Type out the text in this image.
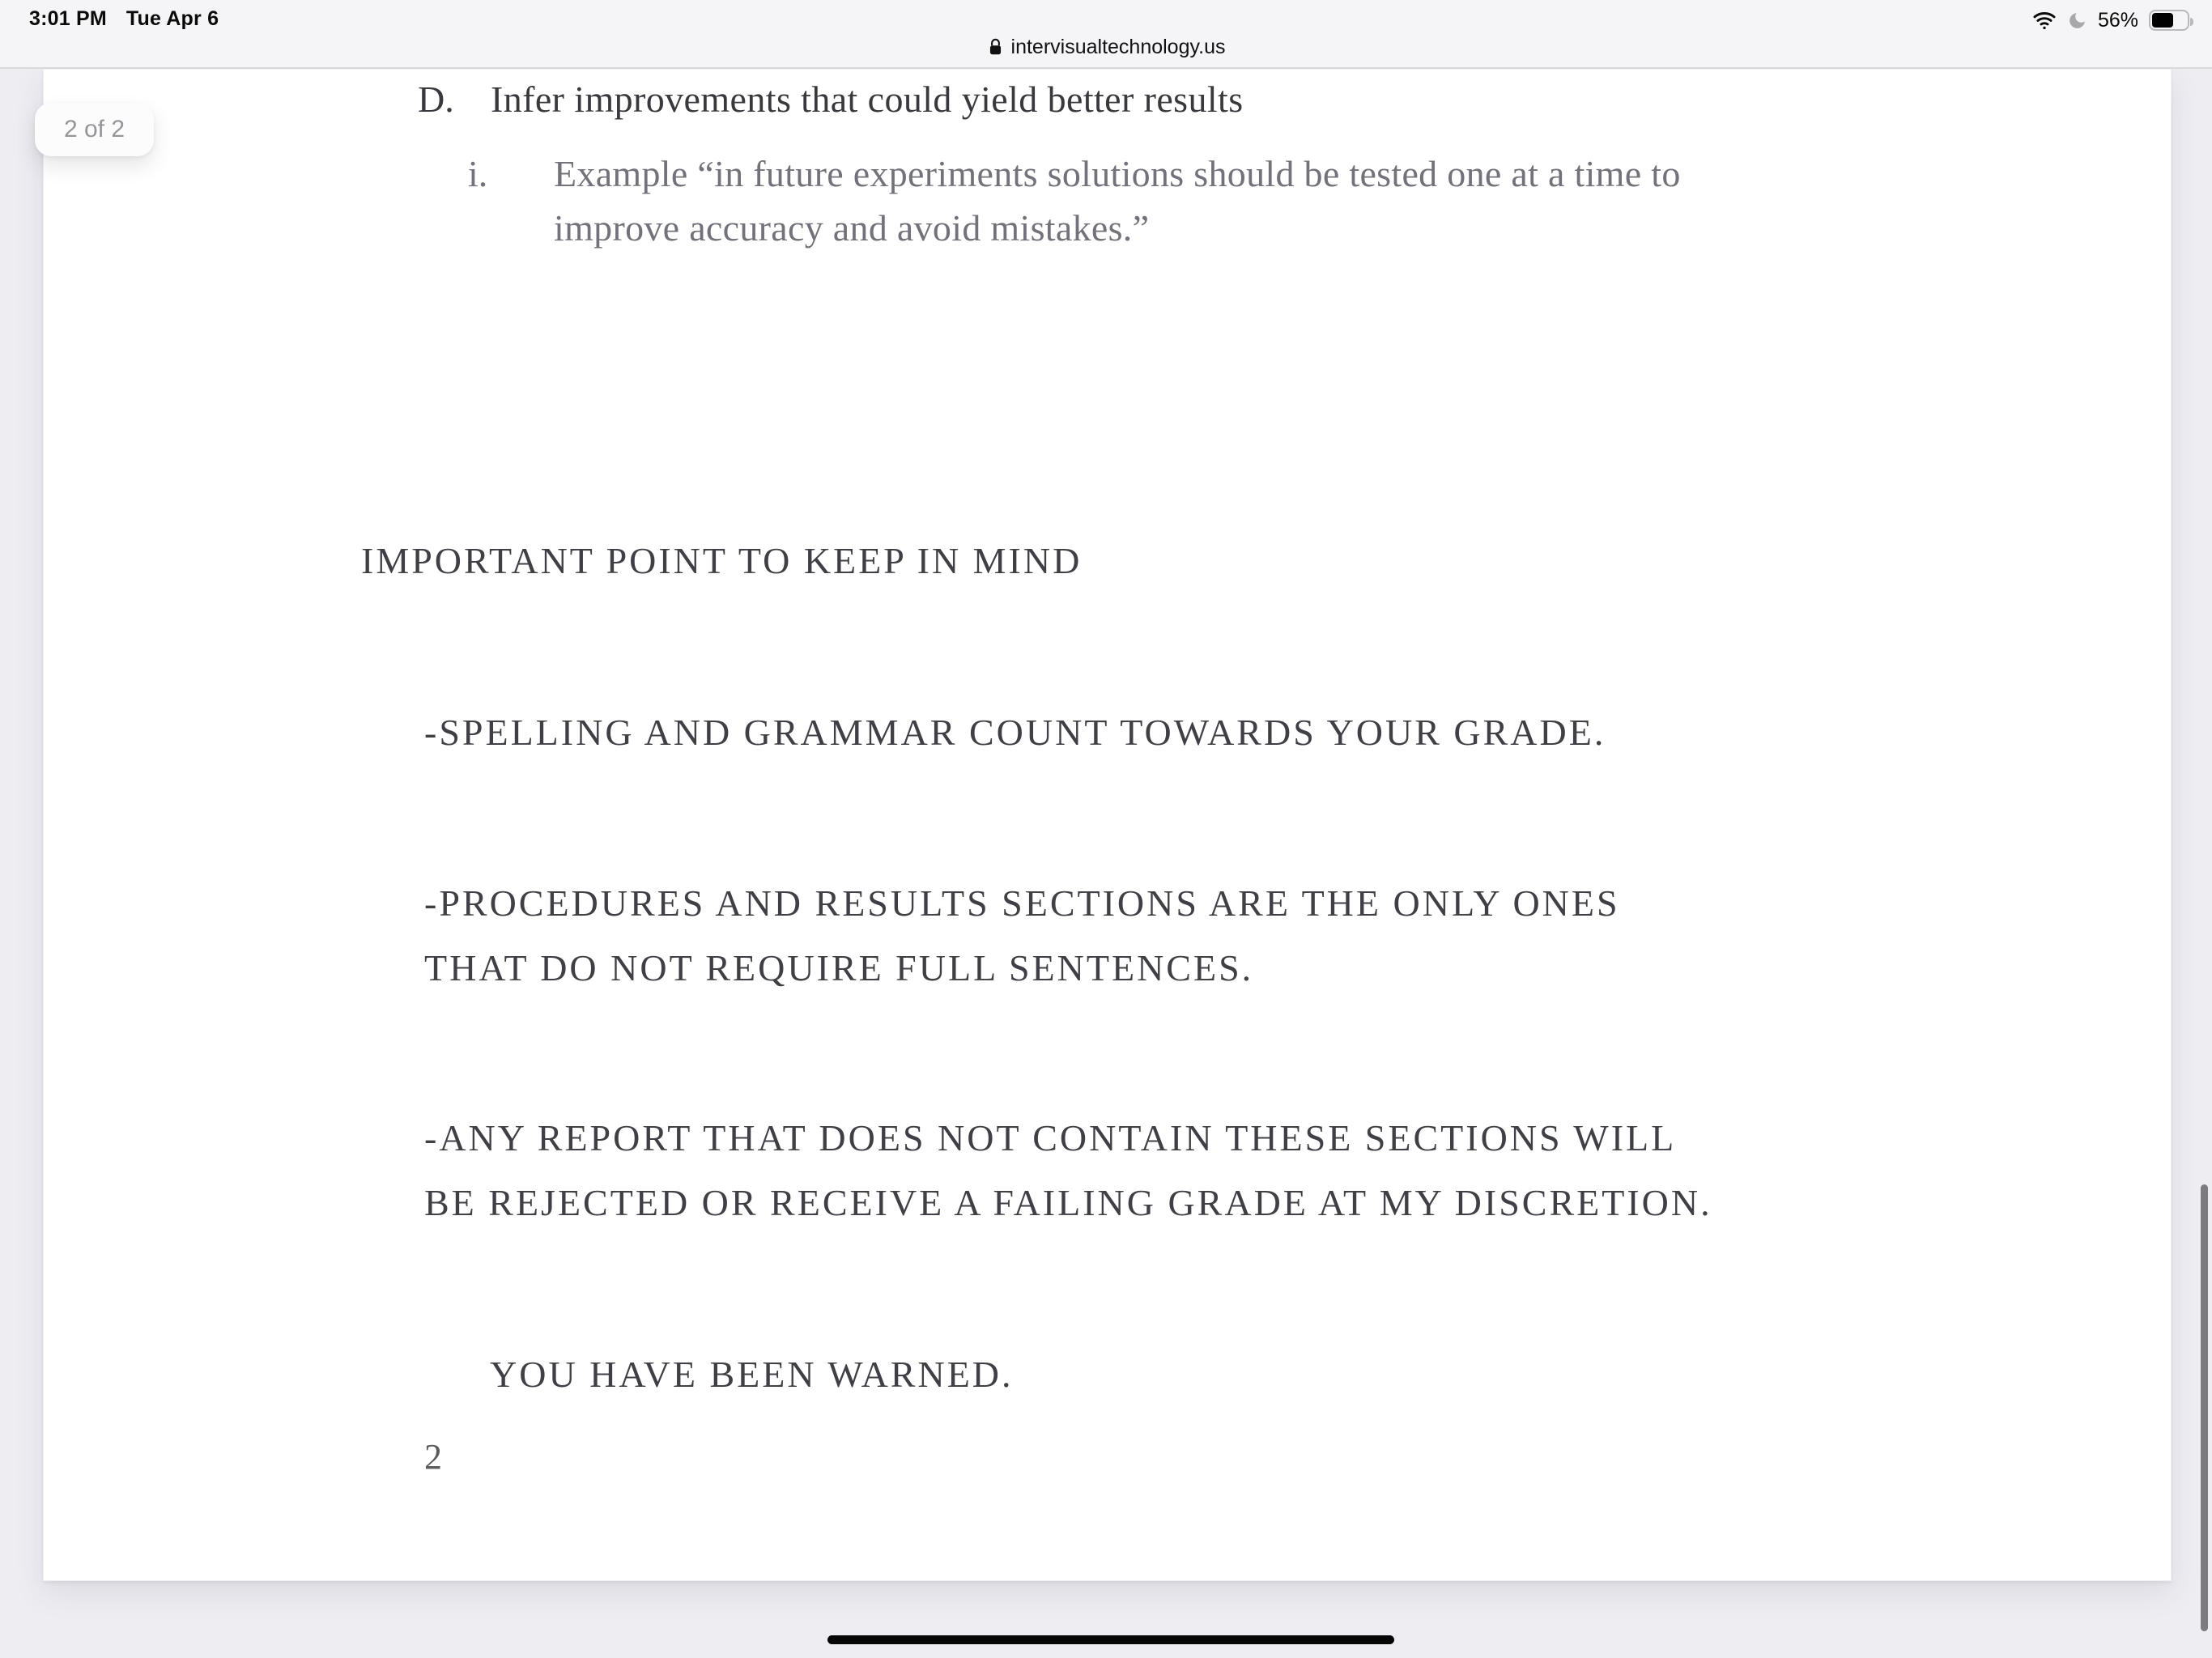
3:01 PM Tue Apr 6
intervisualtechnology.us
56%
2 of 2
D. Infer improvements that could yield better results
i. Example “in future experiments solutions should be tested one at a time to
improve accuracy and avoid mistakes.”
IMPORTANT POINT TO KEEP IN MIND
-SPELLING AND GRAMMAR COUNT TOWARDS YOUR GRADE.
-PROCEDURES AND RESULTS SECTIONS ARE THE ONLY ONES
THAT DO NOT REQUIRE FULL SENTENCES.
-ANY REPORT THAT DOES NOT CONTAIN THESE SECTIONS WILL
BE REJECTED OR RECEIVE A FAILING GRADE AT MY DISCRETION.
YOU HAVE BEEN WARNED.
2
